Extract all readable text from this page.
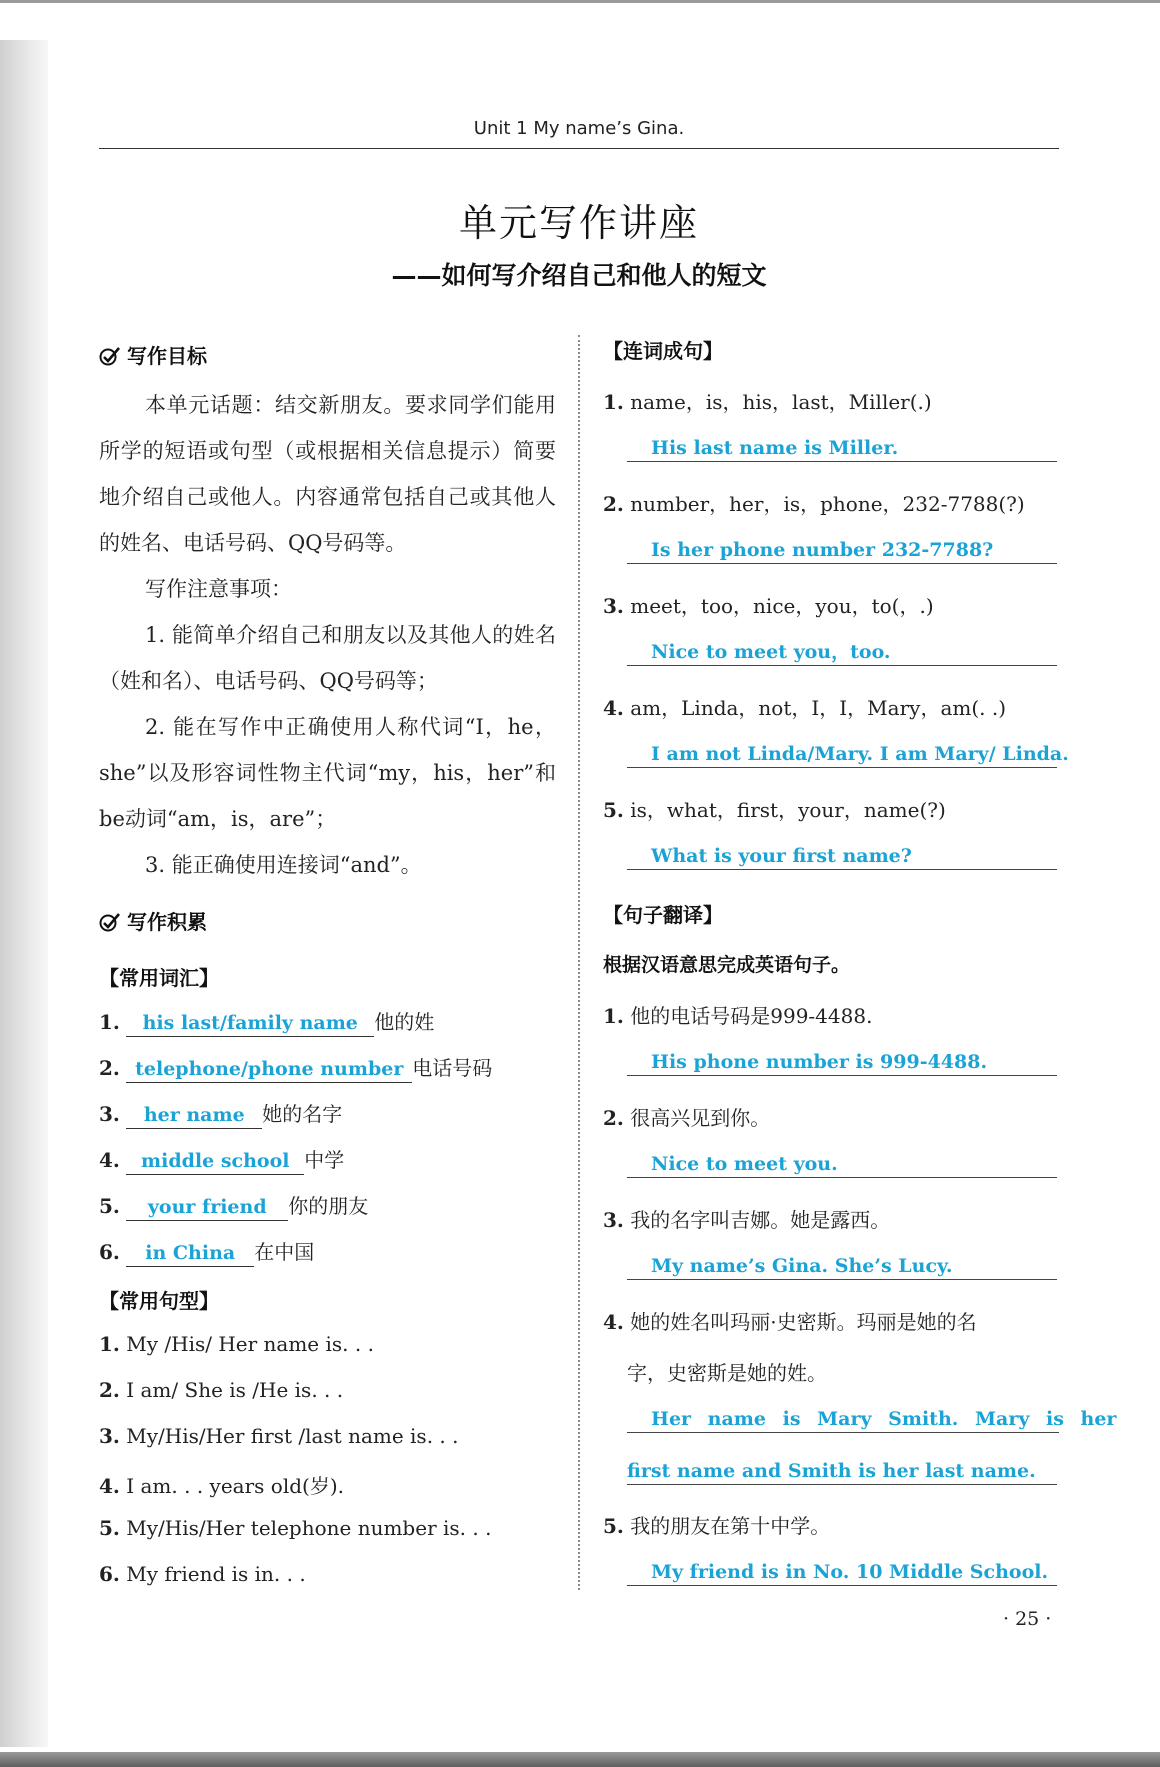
Unit 1 My name’s Gina.
单元写作讲座
——如何写介绍自己和他人的短文
写作目标
本单元话题：结交新朋友。要求同学们能用所学的短语或句型（或根据相关信息提示）简要地介绍自己或他人。内容通常包括自己或其他人的姓名、电话号码、QQ号码等。
写作注意事项：
1. 能简单介绍自己和朋友以及其他人的姓名（姓和名）、电话号码、QQ号码等；
2. 能在写作中正确使用人称代词“I，he，she”以及形容词性物主代词“my，his，her”和be动词“am，is，are”；
3. 能正确使用连接词“and”。
写作积累
【常用词汇】
1. his last/family name 他的姓
2. telephone/phone number 电话号码
3. her name 她的名字
4. middle school 中学
5. your friend 你的朋友
6. in China 在中国
【常用句型】
1. My /His/ Her name is. . .
2. I am/ She is /He is. . .
3. My/His/Her first /last name is. . .
4. I am. . . years old(岁).
5. My/His/Her telephone number is. . .
6. My friend is in. . .
【连词成句】
1. name，is，his，last，Miller(.)
His last name is Miller.
2. number，her，is，phone，232-7788(?)
Is her phone number 232-7788?
3. meet，too，nice，you，to(，.)
Nice to meet you，too.
4. am，Linda，not，I，I，Mary，am(. .)
I am not Linda/Mary. I am Mary/ Linda.
5. is，what，first，your，name(?)
What is your first name?
【句子翻译】
根据汉语意思完成英语句子。
1. 他的电话号码是999-4488.
His phone number is 999-4488.
2. 很高兴见到你。
Nice to meet you.
3. 我的名字叫吉娜。她是露西。
My name’s Gina. She’s Lucy.
4. 她的姓名叫玛丽·史密斯。玛丽是她的名
字，史密斯是她的姓。
Her name is Mary Smith. Mary is her
first name and Smith is her last name.
5. 我的朋友在第十中学。
My friend is in No. 10 Middle School.
· 25 ·
